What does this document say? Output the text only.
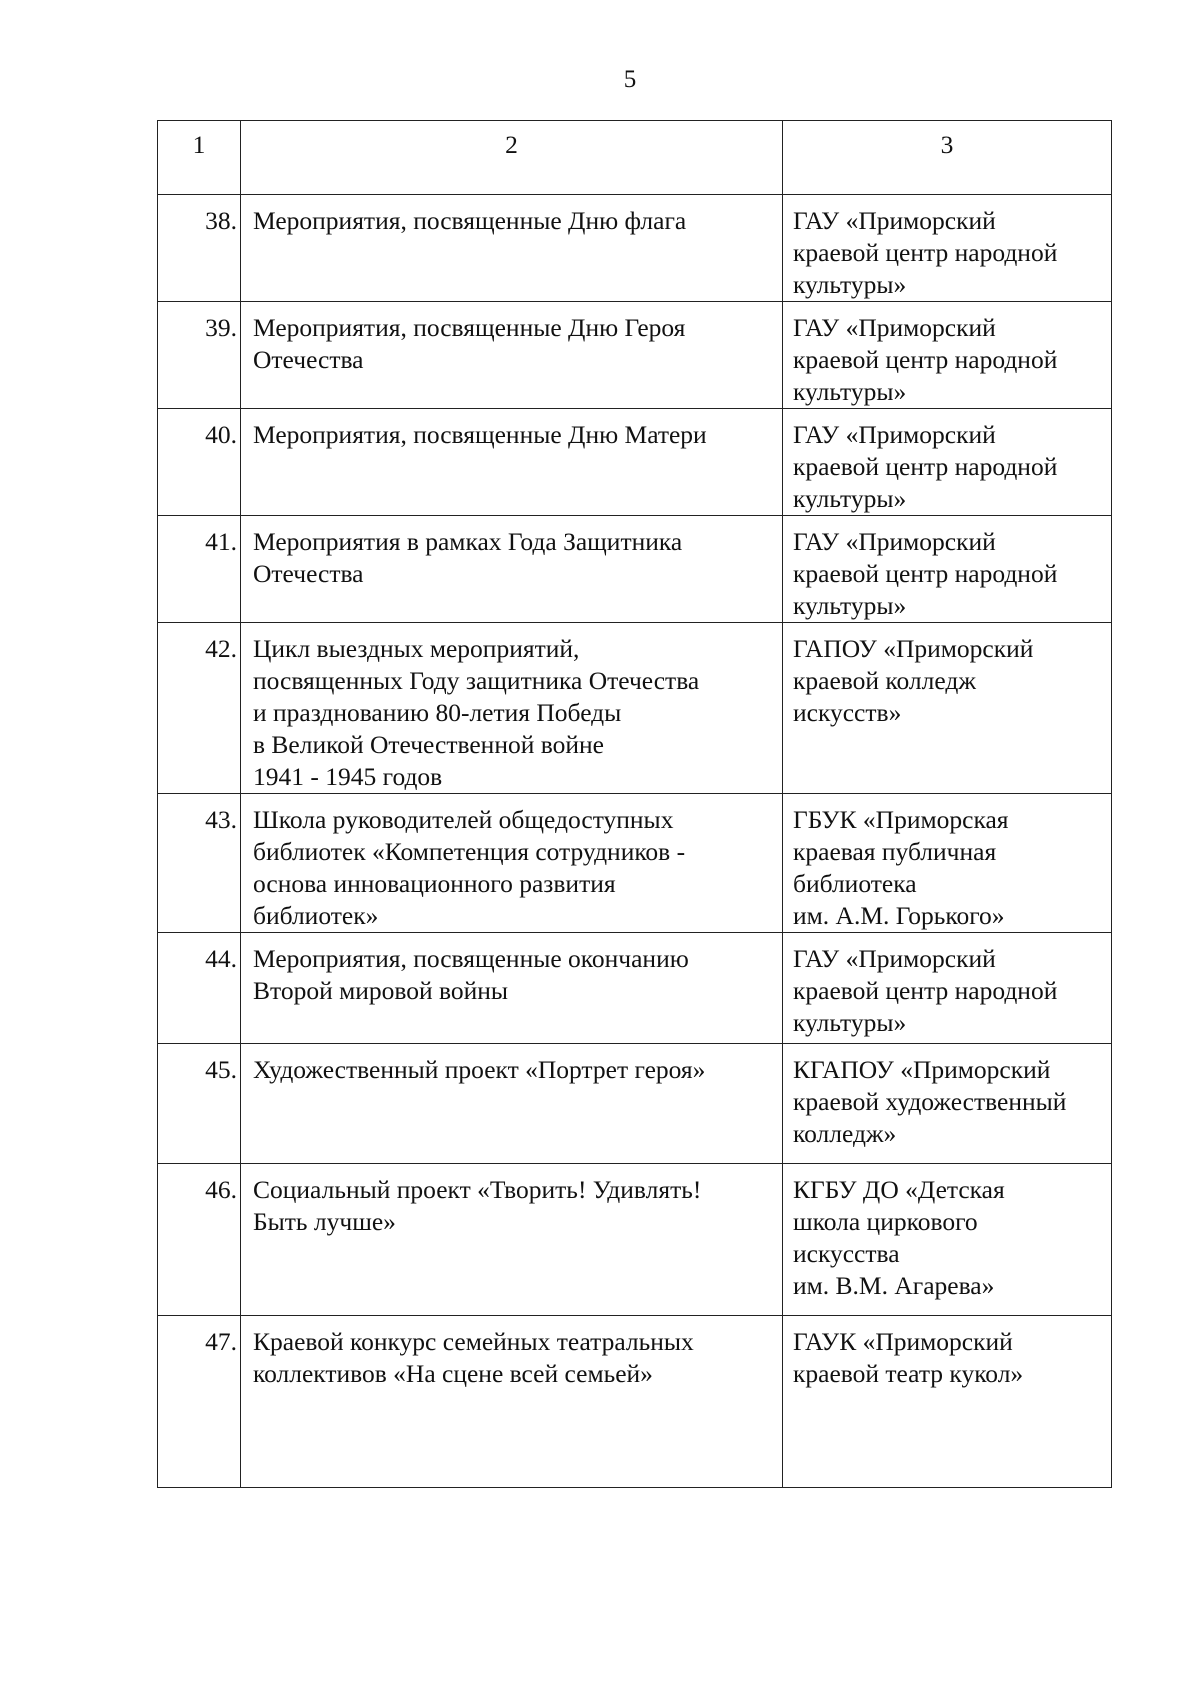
5
1	2	3
38.	Мероприятия, посвященные Дню флага	ГАУ «Приморский
краевой центр народной
культуры»

39.	Мероприятия, посвященные Дню Героя
Отечества	ГАУ «Приморский
краевой центр народной
культуры»

40.	Мероприятия, посвященные Дню Матери	ГАУ «Приморский
краевой центр народной
культуры»

41.	Мероприятия в рамках Года Защитника
Отечества	ГАУ «Приморский
краевой центр народной
культуры»

42.	Цикл выездных мероприятий,
посвященных Году защитника Отечества
и празднованию 80-летия Победы
в Великой Отечественной войне
1941 - 1945 годов	ГАПОУ «Приморский
краевой колледж
искусств»

43.	Школа руководителей общедоступных
библиотек «Компетенция сотрудников -
основа инновационного развития
библиотек»	ГБУК «Приморская
краевая публичная
библиотека
им. А.М. Горького»

44.	Мероприятия, посвященные окончанию
Второй мировой войны	ГАУ «Приморский
краевой центр народной
культуры»

45.	Художественный проект «Портрет героя»	КГАПОУ «Приморский
краевой художественный
колледж»

46.	Социальный проект «Творить! Удивлять!
Быть лучше»	КГБУ ДО «Детская
школа циркового
искусства
им. В.М. Агарева»

47.	Краевой конкурс семейных театральных
коллективов «На сцене всей семьей»	ГАУК «Приморский
краевой театр кукол»
